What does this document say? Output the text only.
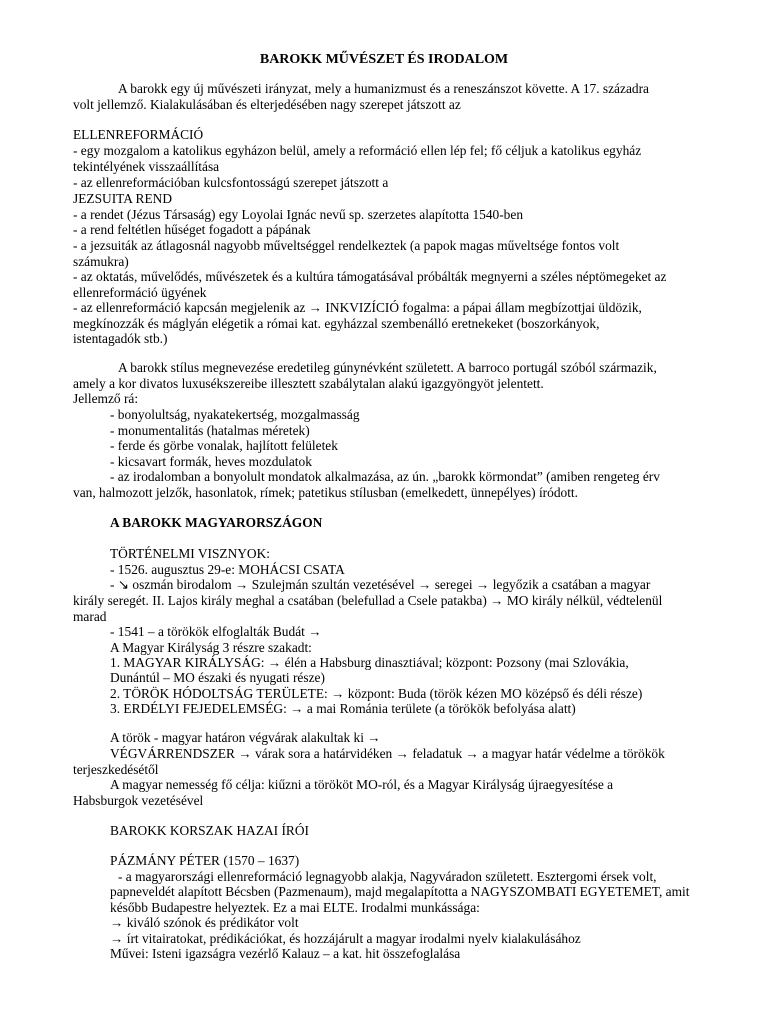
BAROKK MŰVÉSZET ÉS IRODALOM
A barokk egy új művészeti irányzat, mely a humanizmust és a reneszánszot követte. A 17. századra
volt jellemző. Kialakulásában és elterjedésében nagy szerepet játszott az
ELLENREFORMÁCIÓ
- egy mozgalom a katolikus egyházon belül, amely a reformáció ellen lép fel; fő céljuk a katolikus egyház
tekintélyének visszaállítása
- az ellenreformációban kulcsfontosságú szerepet játszott a
JEZSUITA REND
- a rendet (Jézus Társaság) egy Loyolai Ignác nevű sp. szerzetes alapította 1540-ben
- a rend feltétlen hűséget fogadott a pápának
- a jezsuiták az átlagosnál nagyobb műveltséggel rendelkeztek (a papok magas műveltsége fontos volt
számukra)
- az oktatás, művelődés, művészetek és a kultúra támogatásával próbálták megnyerni a széles néptömegeket az
ellenreformáció ügyének
- az ellenreformáció kapcsán megjelenik az → INKVIZÍCIÓ fogalma: a pápai állam megbízottjai üldözik,
megkínozzák és máglyán elégetik a római kat. egyházzal szembenálló eretnekeket (boszorkányok,
istentagadók stb.)
A barokk stílus megnevezése eredetileg gúnynévként született. A barroco portugál szóból származik,
amely a kor divatos luxusékszereibe illesztett szabálytalan alakú igazgyöngyöt jelentett.
Jellemző rá:
- bonyolultság, nyakatekertség, mozgalmasság
- monumentalitás (hatalmas méretek)
- ferde és görbe vonalak, hajlított felületek
- kicsavart formák, heves mozdulatok
- az irodalomban a bonyolult mondatok alkalmazása, az ún. „barokk körmondat” (amiben rengeteg érv
van, halmozott jelzők, hasonlatok, rímek; patetikus stílusban (emelkedett, ünnepélyes) íródott.
A BAROKK MAGYARORSZÁGON
TÖRTÉNELMI VISZNYOK:
- 1526. augusztus 29-e: MOHÁCSI CSATA
- ↘ oszmán birodalom → Szulejmán szultán vezetésével → seregei → legyőzik a csatában a magyar
király seregét. II. Lajos király meghal a csatában (belefullad a Csele patakba) → MO király nélkül, védtelenül
marad
- 1541 – a törökök elfoglalták Budát →
A Magyar Királyság 3 részre szakadt:
1. MAGYAR KIRÁLYSÁG: → élén a Habsburg dinasztiával; központ: Pozsony (mai Szlovákia,
Dunántúl – MO északi és nyugati része)
2. TÖRÖK HÓDOLTSÁG TERÜLETE: → központ: Buda (török kézen MO középső és déli része)
3. ERDÉLYI FEJEDELEMSÉG: → a mai Románia területe (a törökök befolyása alatt)
A török - magyar határon végvárak alakultak ki →
VÉGVÁRRENDSZER → várak sora a határvidéken → feladatuk → a magyar határ védelme a törökök
terjeszkedésétől
A magyar nemesség fő célja: kiűzni a törököt MO-ról, és a Magyar Királyság újraegyesítése a
Habsburgok vezetésével
BAROKK KORSZAK HAZAI ÍRÓI
PÁZMÁNY PÉTER (1570 – 1637)
- a magyarországi ellenreformáció legnagyobb alakja, Nagyváradon született. Esztergomi érsek volt,
papneveldét alapított Bécsben (Pazmenaum), majd megalapította a NAGYSZOMBATI EGYETEMET, amit
később Budapestre helyeztek. Ez a mai ELTE. Irodalmi munkássága:
→ kiváló szónok és prédikátor volt
→ írt vitairatokat, prédikációkat, és hozzájárult a magyar irodalmi nyelv kialakulásához
Művei: Isteni igazságra vezérlő Kalauz – a kat. hit összefoglalása
